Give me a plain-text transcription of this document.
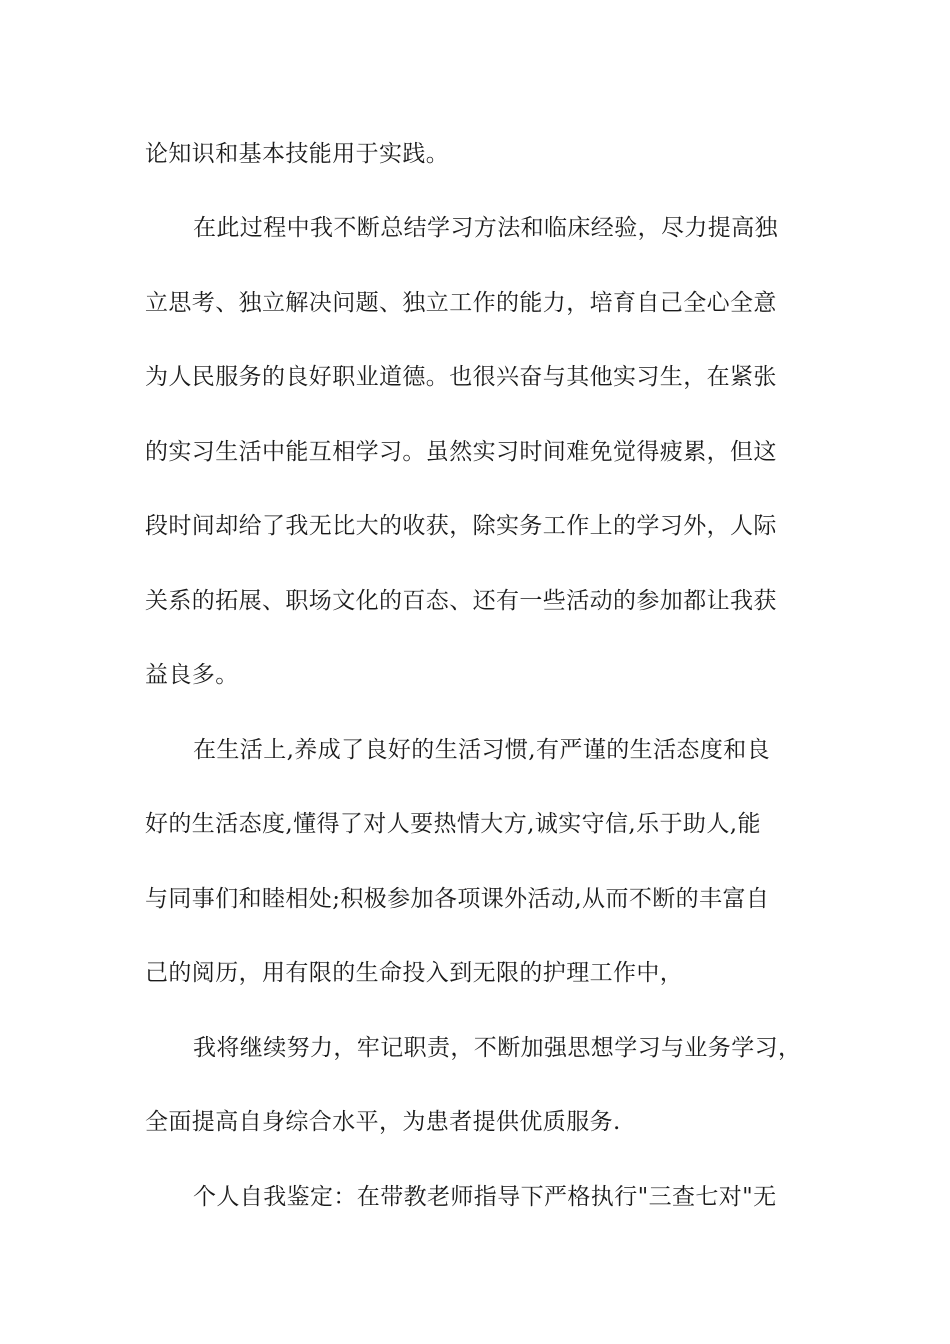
论知识和基本技能用于实践。
在此过程中我不断总结学习方法和临床经验，尽力提高独
立思考、独立解决问题、独立工作的能力，培育自己全心全意
为人民服务的良好职业道德。也很兴奋与其他实习生，在紧张
的实习生活中能互相学习。虽然实习时间难免觉得疲累，但这
段时间却给了我无比大的收获，除实务工作上的学习外，人际
关系的拓展、职场文化的百态、还有一些活动的参加都让我获
益良多。
在生活上,养成了良好的生活习惯,有严谨的生活态度和良
好的生活态度,懂得了对人要热情大方,诚实守信,乐于助人,能
与同事们和睦相处;积极参加各项课外活动,从而不断的丰富自
己的阅历，用有限的生命投入到无限的护理工作中，
我将继续努力，牢记职责，不断加强思想学习与业务学习，
全面提高自身综合水平，为患者提供优质服务.
个人自我鉴定：在带教老师指导下严格执行"三查七对"无
